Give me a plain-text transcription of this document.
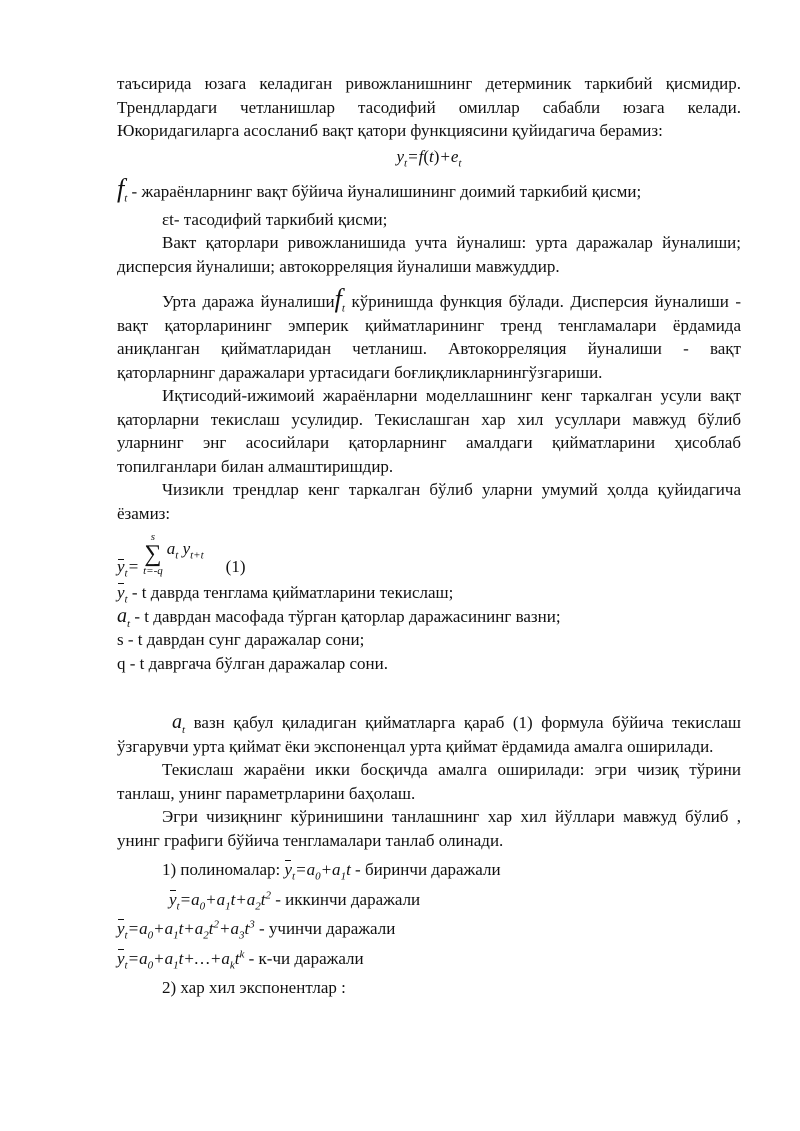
таъсирида юзага келадиган ривожланишнинг детерминик таркибий қисмидир. Трендлардаги четланишлар тасодифий омиллар сабабли юзага келади. Юкоридагиларга асосланиб вақт қатори функциясини қуйидагича берамиз:

$y_t=f(t)+e_t$

$f_t$ - жараёнларнинг вақт бўйича йуналишининг доимий таркибий қисми;

εt- тасодифий таркибий қисми;

Вакт қаторлари ривожланишида учта йуналиш: урта даражалар йуналиши; дисперсия йуналиши; автокорреляция йуналиши мавжуддир.

Урта даража йуналишиf$_t$ кўринишда функция бўлади. Дисперсия йуналиши - вақт қаторларининг эмперик қийматларининг тренд тенгламалари ёрдамида аниқланган қийматларидан четланиш. Автокорреляция йуналиши - вақт қаторларнинг даражалари уртасидаги боғлиқликларнингўзгариши.

Иқтисодий-ижимоий жараёнларни моделлашнинг кенг таркалган усули вақт қаторларни текислаш усулидир. Текислашган хар хил усуллари мавжуд бўлиб уларнинг энг асосийлари қаторларнинг амалдаги қийматларини ҳисоблаб топилганлари билан алмаштиришдир.

Чизикли трендлар кенг таркалган бўлиб уларни умумий ҳолда қуйидагича ёзамиз:

$y_t=$
s
∑
t=-q
$a_t$ $y_{t+t}$
(1)

$y_t$ - t даврда тенглама қийматларини текислаш;

$a_t$ - t даврдан масофада тўрган қаторлар даражасининг вазни;

s - t даврдан сунг даражалар сони;

q - t давргача бўлган даражалар сони.

$a_t$ вазн қабул қиладиган қийматларга қараб (1) формула бўйича текислаш ўзгарувчи урта қиймат ёки экспоненцал урта қиймат ёрдамида амалга оширилади.

Текислаш жараёни икки босқичда амалга оширилади: эгри чизиқ тўрини танлаш, унинг параметрларини баҳолаш.

Эгри чизиқнинг кўринишини танлашнинг хар хил йўллари мавжуд бўлиб , унинг графиги бўйича тенгламалари танлаб олинади.

1) полиномалар: $y_t=a_0+a_1t$ - биринчи даражали

$y_t=a_0+a_1t+a_2t^2$ - иккинчи даражали

$y_t=a_0+a_1t+a_2t^2+a_3t^3$ - учинчи даражали

$y_t=a_0+a_1t+\dots+a_kt^k - к-чи$ даражали

2) хар хил экспонентлар :
